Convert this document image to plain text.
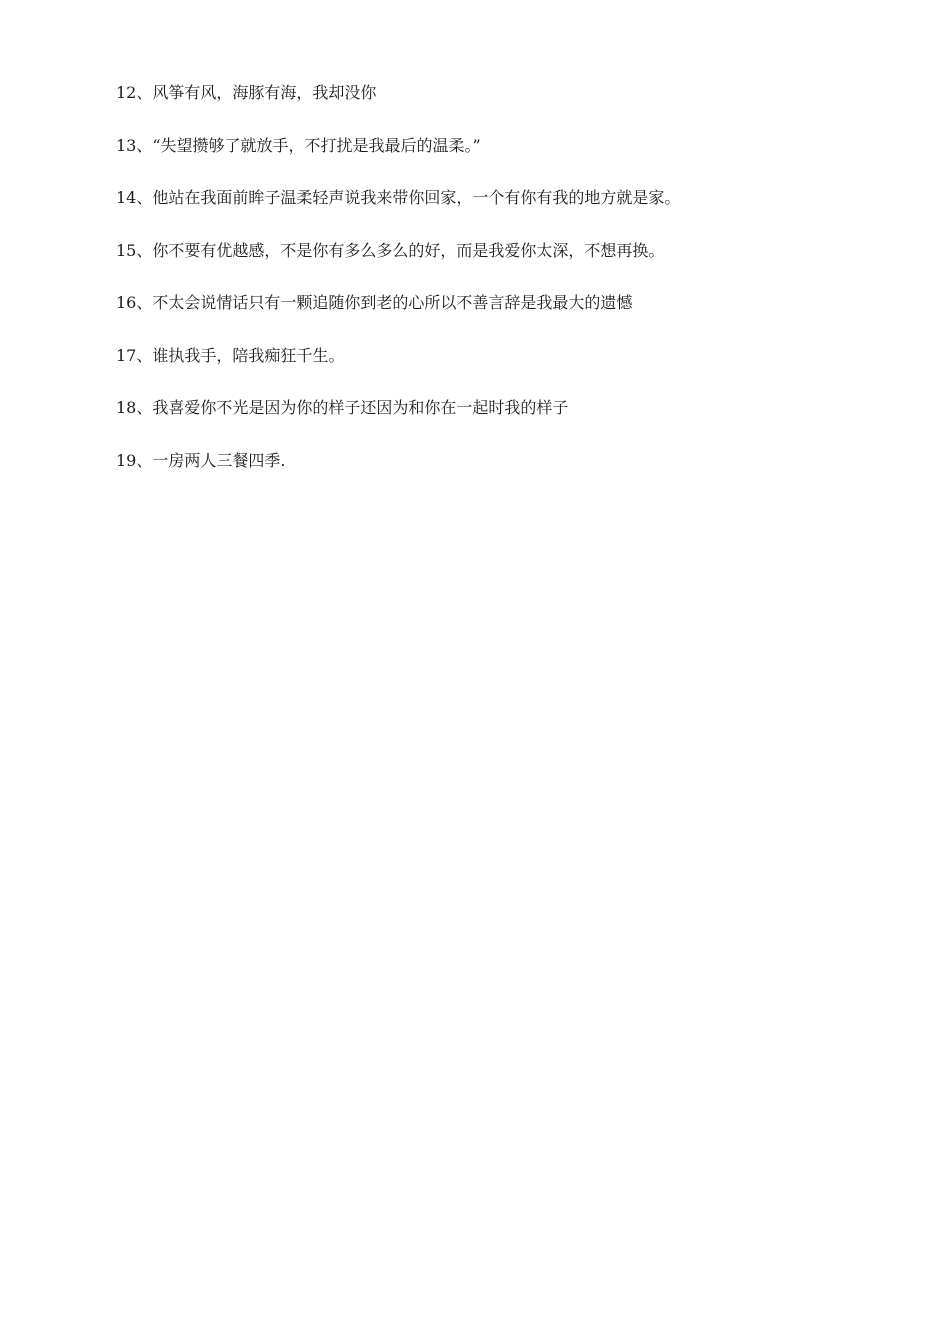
12、风筝有风，海豚有海，我却没你
13、“失望攒够了就放手，不打扰是我最后的温柔。”
14、他站在我面前眸子温柔轻声说我来带你回家，一个有你有我的地方就是家。
15、你不要有优越感，不是你有多么多么的好，而是我爱你太深，不想再换。
16、不太会说情话只有一颗追随你到老的心所以不善言辞是我最大的遗憾
17、谁执我手，陪我痴狂千生。
18、我喜爱你不光是因为你的样子还因为和你在一起时我的样子
19、一房两人三餐四季.
